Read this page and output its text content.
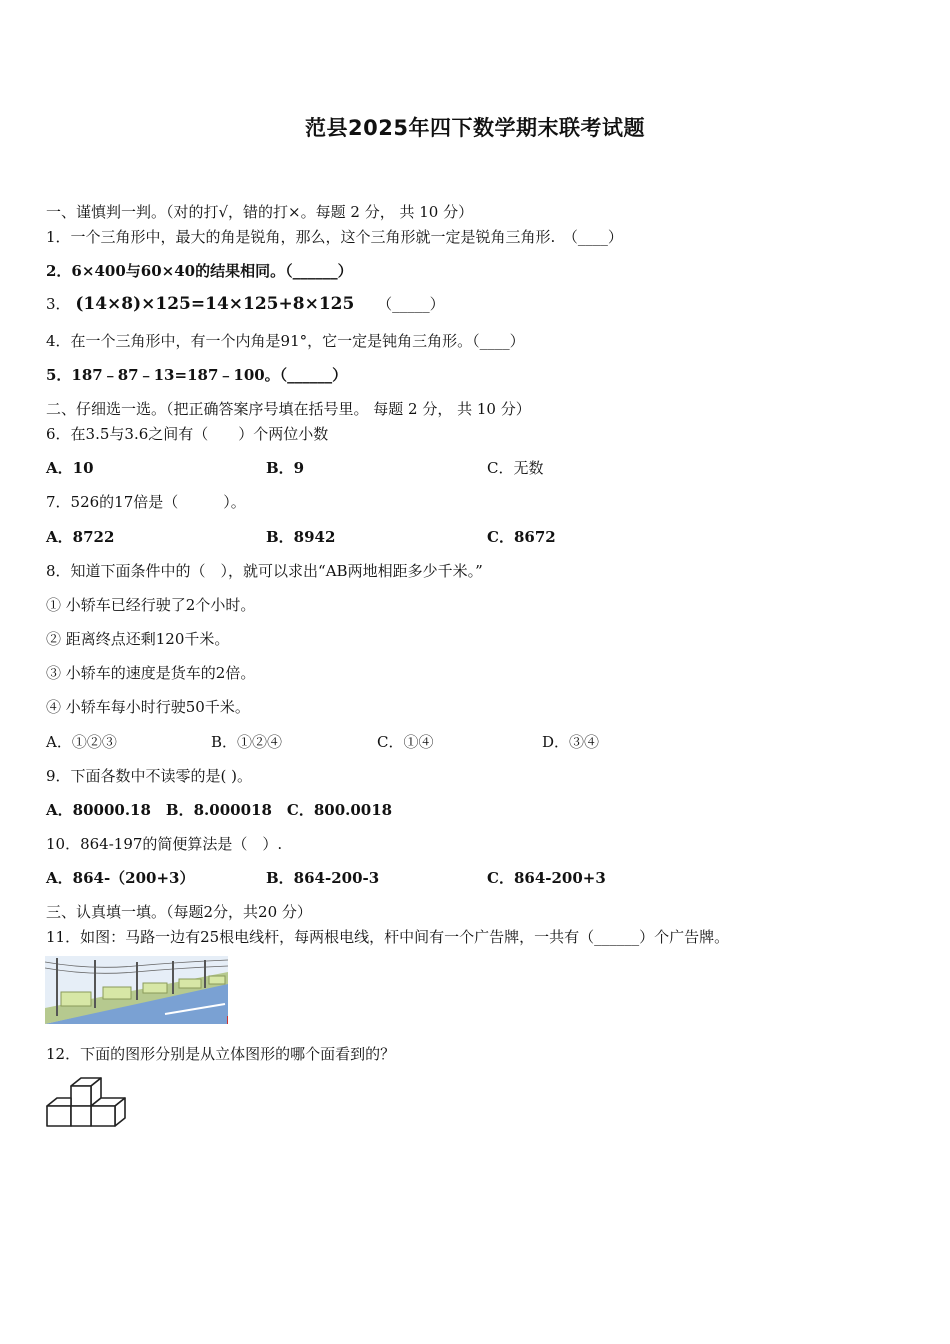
范县2025年四下数学期末联考试题
一、谨慎判一判。（对的打√，错的打×。每题 2 分， 共 10 分）
1．一个三角形中，最大的角是锐角，那么，这个三角形就一定是锐角三角形.　（____）
2．6×400与60×40的结果相同。（______）
3． (14×8)×125=14×125+8×125 （_____）
4．在一个三角形中，有一个内角是91°，它一定是钝角三角形。（____）
5．187﹣87﹣13=187﹣100。（______）
二、仔细选一选。（把正确答案序号填在括号里。 每题 2 分， 共 10 分）
6．在3.5与3.6之间有（　　）个两位小数
A．10	B．9	C．无数
7．526的17倍是（　　　）。
A．8722	B．8942	C．8672
8．知道下面条件中的（　），就可以求出“AB两地相距多少千米。”
① 小轿车已经行驶了2个小时。
② 距离终点还剩120千米。
③ 小轿车的速度是货车的2倍。
④ 小轿车每小时行驶50千米。
A．①②③	B．①②④	C．①④	D．③④
9．下面各数中不读零的是( )。
A．80000.18　B．8.000018　C．800.0018
10．864-197的简便算法是（　）.
A．864-（200+3）	B．864-200-3	C．864-200+3
三、认真填一填。（每题2分，共20 分）
11．如图：马路一边有25根电线杆，每两根电线，杆中间有一个广告牌，一共有（______）个广告牌。
12．下面的图形分别是从立体图形的哪个面看到的？
